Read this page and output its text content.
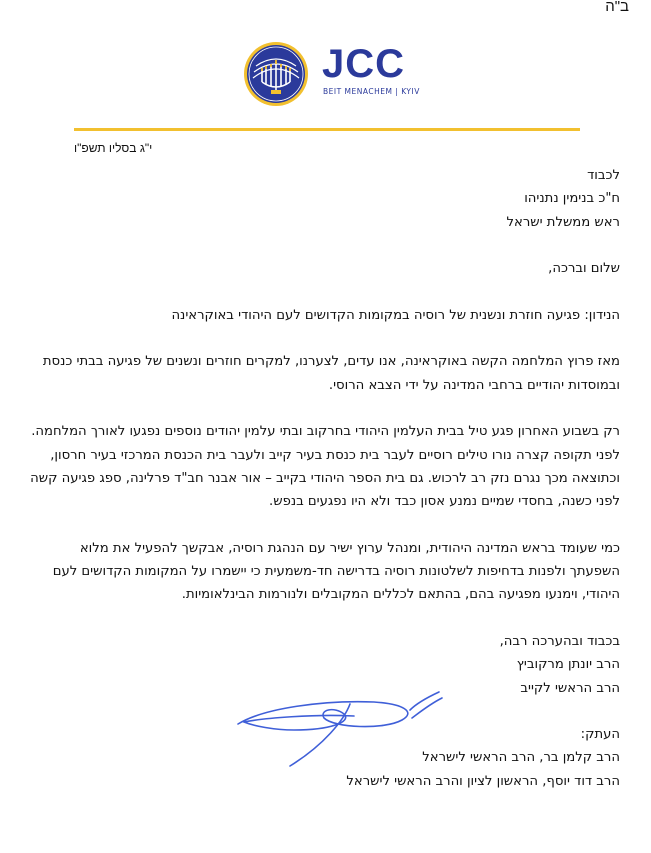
ב"ה
JCC
BEIT MENACHEM | KYIV
י"ג בסליו תשפ"ו

לכבוד

ח"כ בנימין נתניהו

ראש ממשלת ישראל

שלום וברכה,

הנידון: פגיעה חוזרת ונשנית של רוסיה במקומות הקדושים לעם היהודי באוקראינה

מאז פרוץ המלחמה הקשה באוקראינה, אנו עדים, לצערנו, למקרים חוזרים ונשנים של פגיעה בבתי כנסת ובמוסדות יהודיים ברחבי המדינה על ידי הצבא הרוסי.

רק בשבוע האחרון פגע טיל בבית העלמין היהודי בחרקוב ובתי עלמין יהודים נוספים נפגעו לאורך המלחמה. לפני תקופה קצרה נורו טילים רוסיים לעבר בית כנסת בעיר קייב ולעבר בית הכנסת המרכזי בעיר חרסון, וכתוצאה מכך נגרם נזק רב לרכוש. גם בית הספר היהודי בקייב – אור אבנר חב"ד פרלינה, ספג פגיעה קשה לפני כשנה, בחסדי שמיים נמנע אסון כבד ולא היו נפגעים בנפש.

כמי שעומד בראש המדינה היהודית, ומנהל ערוץ ישיר עם הנהגת רוסיה, אבקשך להפעיל את מלוא השפעתך ולפנות בדחיפות לשלטונות רוסיה בדרישה חד-משמעית כי יישמרו על המקומות הקדושים לעם היהודי, וימנעו מפגיעה בהם, בהתאם לכללים המקובלים ולנורמות הבינלאומיות.

בכבוד ובהערכה רבה,

הרב יונתן מרקוביץ

הרב הראשי לקייב

העתק:

הרב קלמן בר, הרב הראשי לישראל

הרב דוד יוסף, הראשון לציון והרב הראשי לישראל
